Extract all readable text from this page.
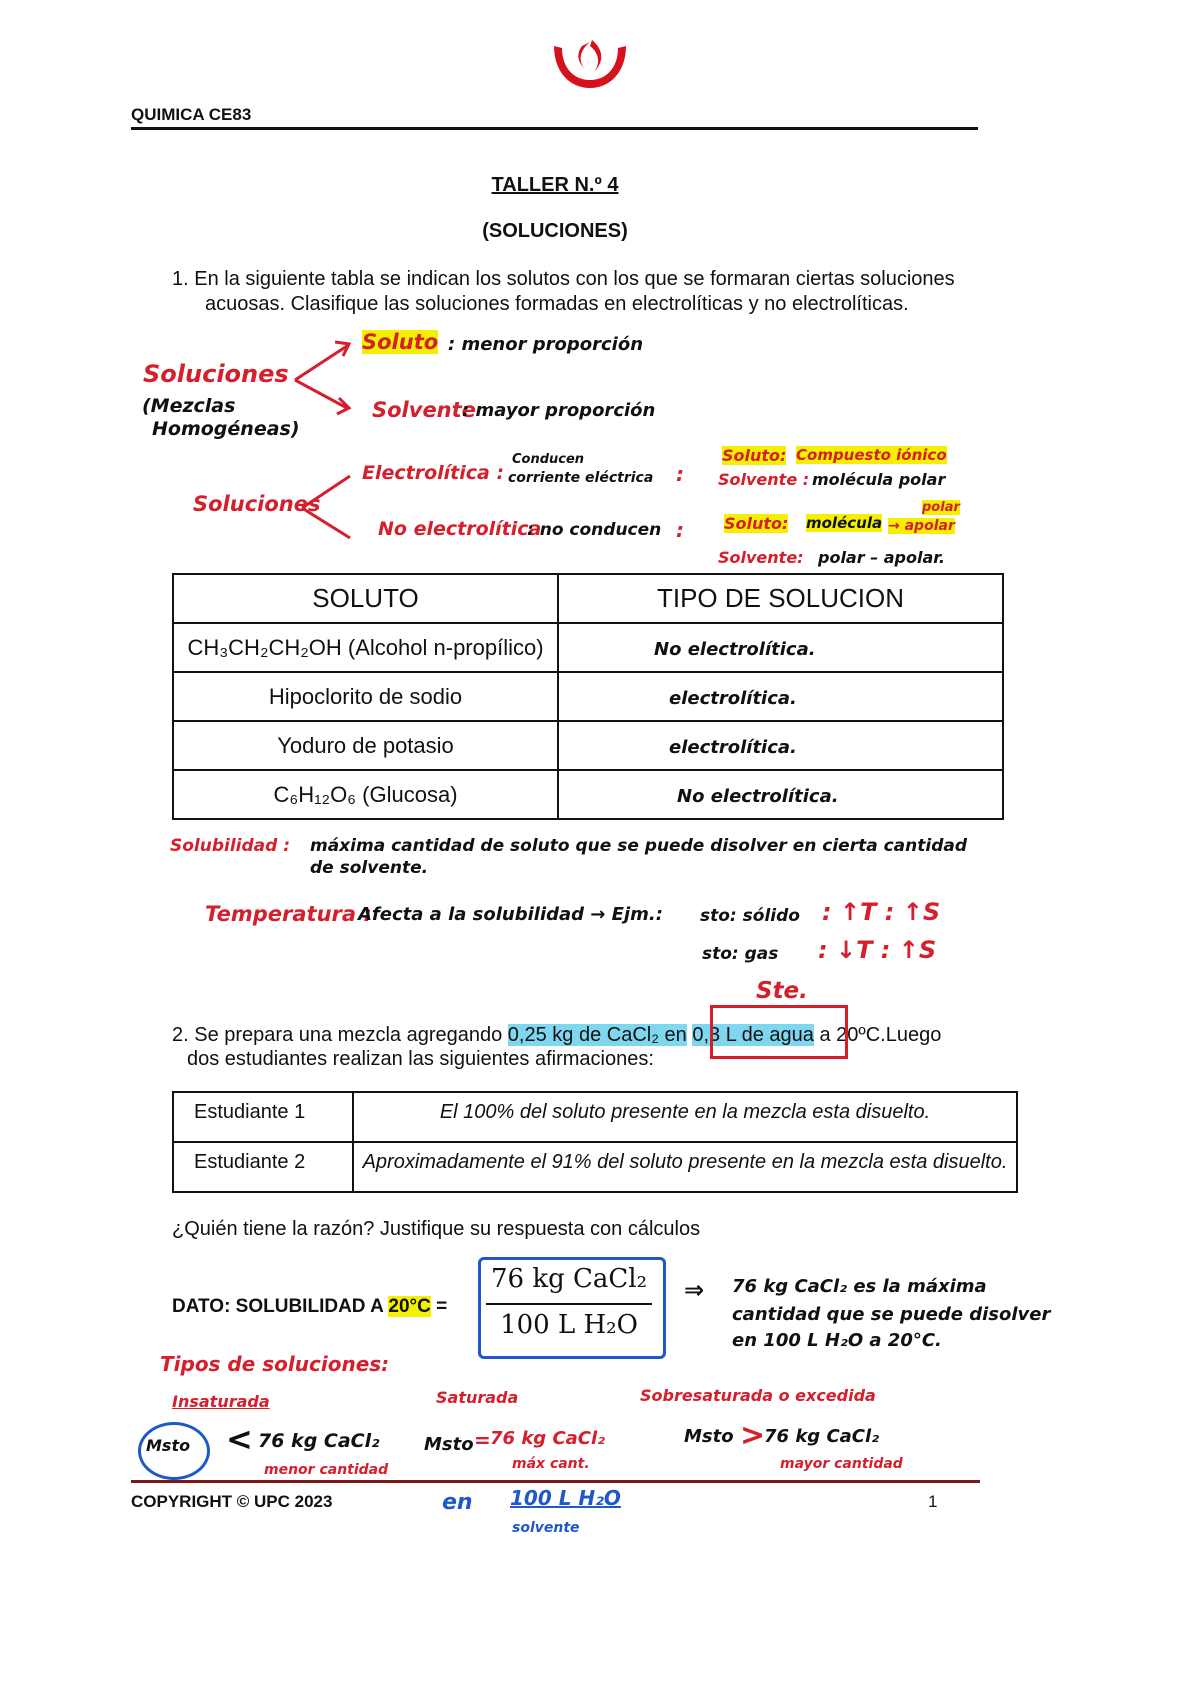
QUIMICA CE83
TALLER N.º 4
(SOLUCIONES)
1. En la siguiente tabla se indican los solutos con los que se formaran ciertas soluciones
acuosas. Clasifique las soluciones formadas en electrolíticas y no electrolíticas.
Soluciones
(Mezclas
Homogéneas)
Soluto : menor proporción
Solvente
: mayor proporción
Soluciones
Electrolítica :
Conducen
corriente eléctrica
No electrolítica
: no conducen
:
:
Soluto: Compuesto iónico
Solvente : molécula polar
Soluto: molécula
polar
→ apolar
Solvente: polar – apolar.
SOLUTO	TIPO DE SOLUCION
CH₃CH₂CH₂OH (Alcohol n-propílico)	No electrolítica.
Hipoclorito de sodio	electrolítica.
Yoduro de potasio	electrolítica.
C₆H₁₂O₆ (Glucosa)	No electrolítica.
Solubilidad : máxima cantidad de soluto que se puede disolver en cierta cantidad
de solvente.
Temperatura :
Afecta a la solubilidad → Ejm.: sto: sólido : ↑T : ↑S
sto: gas : ↓T : ↑S
Ste.
2. Se prepara una mezcla agregando 0,25 kg de CaCl₂ en 0,3 L de agua a 20ºC.Luego
dos estudiantes realizan las siguientes afirmaciones:
Estudiante 1	El 100% del soluto presente en la mezcla esta disuelto.
Estudiante 2	Aproximadamente el 91% del soluto presente en la mezcla esta disuelto.
¿Quién tiene la razón? Justifique su respuesta con cálculos
DATO: SOLUBILIDAD A 20°C =
76 kg CaCl₂
100 L H₂O
⇒ 76 kg CaCl₂ es la máxima
cantidad que se puede disolver
en 100 L H₂O a 20°C.
Tipos de soluciones:
Insaturada	Saturada	Sobresaturada o excedida
Msto < 76 kg CaCl₂
menor cantidad
Msto = 76 kg CaCl₂
máx cant.
Msto >
76 kg CaCl₂
mayor cantidad
COPYRIGHT © UPC 2023	1
en 100 L H₂O
solvente
